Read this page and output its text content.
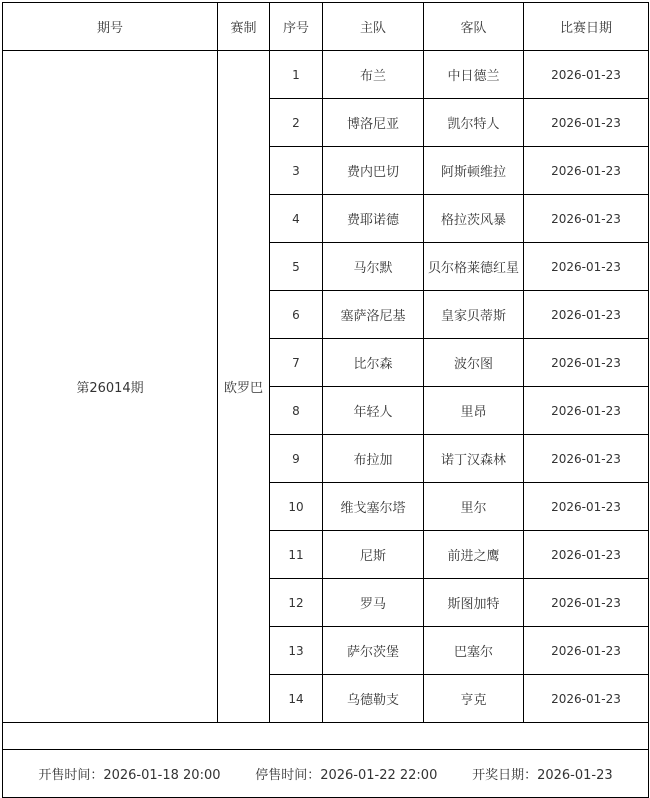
期号	赛制	序号	主队	客队	比赛日期
第26014期	欧罗巴	1	布兰	中日德兰	2026-01-23
		2	博洛尼亚	凯尔特人	2026-01-23
		3	费内巴切	阿斯顿维拉	2026-01-23
		4	费耶诺德	格拉茨风暴	2026-01-23
		5	马尔默	贝尔格莱德红星	2026-01-23
		6	塞萨洛尼基	皇家贝蒂斯	2026-01-23
		7	比尔森	波尔图	2026-01-23
		8	年轻人	里昂	2026-01-23
		9	布拉加	诺丁汉森林	2026-01-23
		10	维戈塞尔塔	里尔	2026-01-23
		11	尼斯	前进之鹰	2026-01-23
		12	罗马	斯图加特	2026-01-23
		13	萨尔茨堡	巴塞尔	2026-01-23
		14	乌德勒支	亨克	2026-01-23

开售时间：2026-01-18 20:00 停售时间：2026-01-22 22:00 开奖日期：2026-01-23					
